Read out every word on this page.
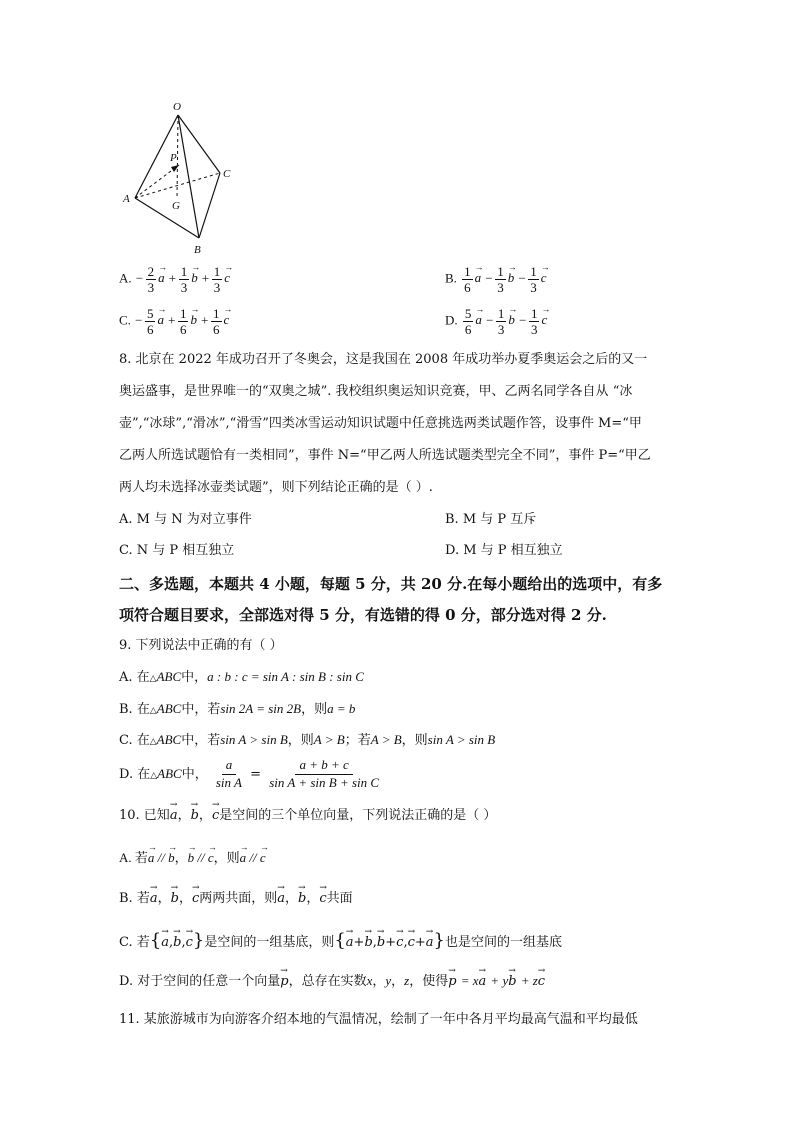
O
P
C
A
G
B
A. − $\frac{2}{3}$
→ $a + \frac{1}{3}$
→ $b + \frac{1}{3}$
→ c	B. $\frac{1}{6}$
→ $a - \frac{1}{3}$
→ $b - \frac{1}{3}$
→ c
C. − $\frac{5}{6}$
→ $a + \frac{1}{6}$
→ $b + \frac{1}{6}$
→ c	D. $\frac{5}{6}$
→ $a - \frac{1}{3}$
→ $b - \frac{1}{3}$
→ c
8. 北京在 2022 年成功召开了冬奥会，这是我国在 2008 年成功举办夏季奥运会之后的又一
奥运盛事，是世界唯一的“双奥之城”. 我校组织奥运知识竞赛，甲、乙两名同学各自从 “冰
壶”,“冰球”,“滑冰”,“滑雪”四类冰雪运动知识试题中任意挑选两类试题作答，设事件 M=“甲
乙两人所选试题恰有一类相同”，事件 N=“甲乙两人所选试题类型完全不同”，事件 P=“甲乙
两人均未选择冰壶类试题”，则下列结论正确的是（ ）.
A. M 与 N 为对立事件	B. M 与 P 互斥
C. N 与 P 相互独立	D. M 与 P 相互独立
二、多选题，本题共 4 小题，每题 5 分，共 20 分.在每小题给出的选项中，有多
项符合题目要求，全部选对得 5 分，有选错的得 0 分，部分选对得 2 分.
9. 下列说法中正确的有（ ）
A. 在△ABC中，a : b : c = sin A : sin B : sin C
B. 在△ABC中，若sin 2A = sin 2B，则a = b
C. 在△ABC中，若sin A > sin B，则A > B；若A > B，则sin A > sin B
D. 在△ABC中， $\frac{a}{\text{sin A}} = \frac{a + b + c}{\text{sin A + sin B + sin C}}$
10. 已知→ a，→ b，→ c是空间的三个单位向量，下列说法正确的是（ ）
A. 若→ a // → b，→ b // → c，则→ a // → c
B. 若→ a，→ b，→ c两两共面，则→ a，→ b，→ c共面
C. 若{→ a,→ b,→ c}是空间的一组基底，则{→ a+→ b,→ b+→ c,→ c+→ a}也是空间的一组基底
D. 对于空间的任意一个向量→ p，总存在实数x，y，z，使得→ p = x→ a + y→ b + z→ c
11. 某旅游城市为向游客介绍本地的气温情况，绘制了一年中各月平均最高气温和平均最低
